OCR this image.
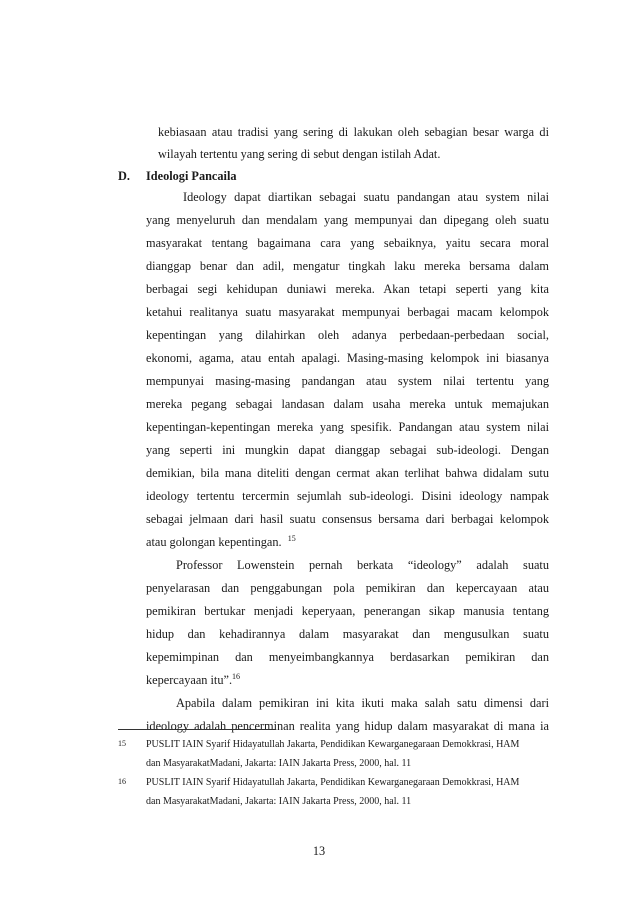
kebiasaan atau tradisi yang sering di lakukan oleh sebagian besar warga di
wilayah tertentu yang sering di sebut dengan istilah Adat.
D. Ideologi Pancaila
Ideology dapat diartikan sebagai suatu pandangan atau system nilai
yang menyeluruh dan mendalam yang mempunyai dan dipegang oleh suatu
masyarakat tentang bagaimana cara yang sebaiknya, yaitu secara moral
dianggap benar dan adil, mengatur tingkah laku mereka bersama dalam
berbagai segi kehidupan duniawi mereka. Akan tetapi seperti yang kita
ketahui realitanya suatu masyarakat mempunyai berbagai macam kelompok
kepentingan yang dilahirkan oleh adanya perbedaan-perbedaan social,
ekonomi, agama, atau entah apalagi. Masing-masing kelompok ini biasanya
mempunyai masing-masing pandangan atau system nilai tertentu yang
mereka pegang sebagai landasan dalam usaha mereka untuk memajukan
kepentingan-kepentingan mereka yang spesifik. Pandangan atau system nilai
yang seperti ini mungkin dapat dianggap sebagai sub-ideologi. Dengan
demikian, bila mana diteliti dengan cermat akan terlihat bahwa didalam sutu
ideology tertentu tercermin sejumlah sub-ideologi. Disini ideology nampak
sebagai jelmaan dari hasil suatu consensus bersama dari berbagai kelompok
atau golongan kepentingan. $^{15}$
Professor Lowenstein pernah berkata “ideology” adalah suatu
penyelarasan dan penggabungan pola pemikiran dan kepercayaan atau
pemikiran bertukar menjadi keperyaan, penerangan sikap manusia tentang
hidup dan kehadirannya dalam masyarakat dan mengusulkan suatu
kepemimpinan dan menyeimbangkannya berdasarkan pemikiran dan
kepercayaan itu”.$^{16}$
Apabila dalam pemikiran ini kita ikuti maka salah satu dimensi dari
ideology adalah pencerminan realita yang hidup dalam masyarakat di mana ia
15 PUSLIT IAIN Syarif Hidayatullah Jakarta, Pendidikan Kewarganegaraan Demokkrasi, HAM
dan MasyarakatMadani, Jakarta: IAIN Jakarta Press, 2000, hal. 11
16 PUSLIT IAIN Syarif Hidayatullah Jakarta, Pendidikan Kewarganegaraan Demokkrasi, HAM
dan MasyarakatMadani, Jakarta: IAIN Jakarta Press, 2000, hal. 11
13
